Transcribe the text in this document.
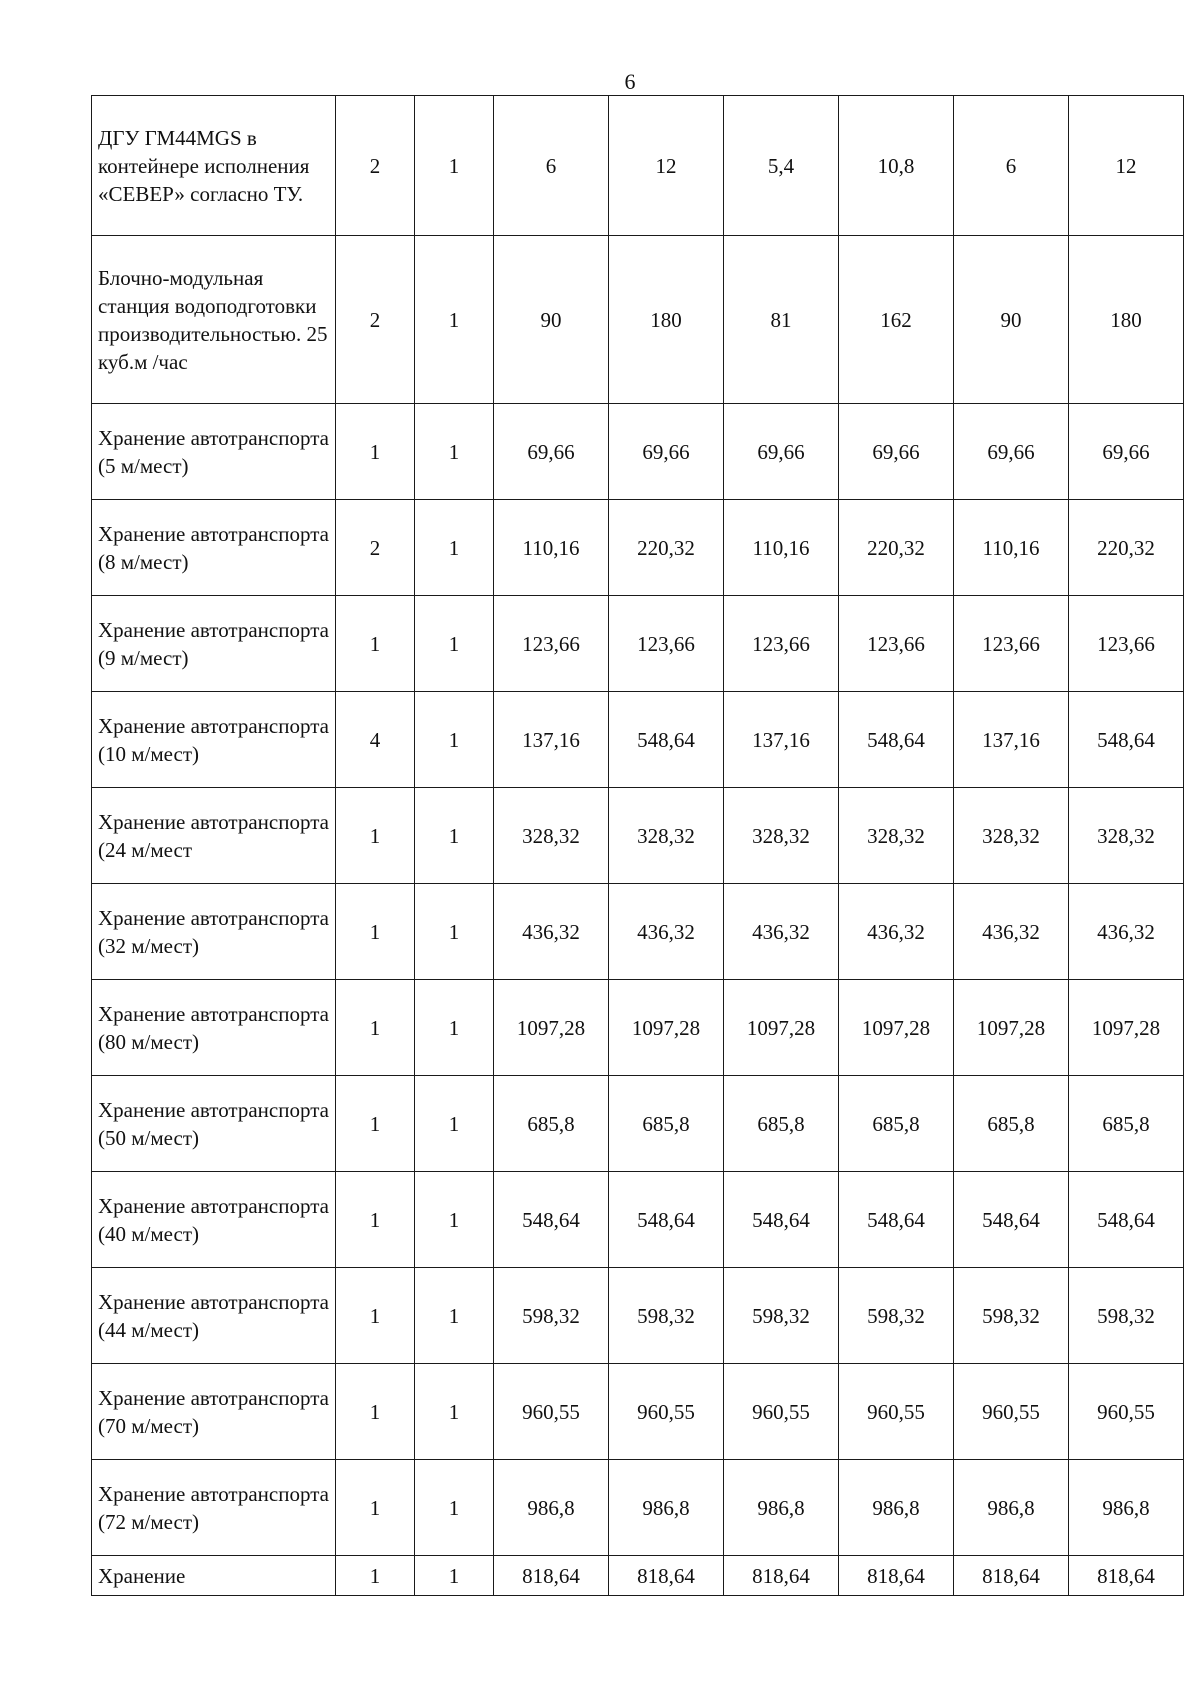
6
ДГУ ГМ44MGS в контейнере исполнения «СЕВЕР» согласно ТУ.	2	1	6	12	5,4	10,8	6	12
Блочно-модульная станция водоподготовки производительностью. 25 куб.м /час	2	1	90	180	81	162	90	180
Хранение автотранспорта (5 м/мест)	1	1	69,66	69,66	69,66	69,66	69,66	69,66
Хранение автотранспорта (8 м/мест)	2	1	110,16	220,32	110,16	220,32	110,16	220,32
Хранение автотранспорта (9 м/мест)	1	1	123,66	123,66	123,66	123,66	123,66	123,66
Хранение автотранспорта (10 м/мест)	4	1	137,16	548,64	137,16	548,64	137,16	548,64
Хранение автотранспорта (24 м/мест	1	1	328,32	328,32	328,32	328,32	328,32	328,32
Хранение автотранспорта (32 м/мест)	1	1	436,32	436,32	436,32	436,32	436,32	436,32
Хранение автотранспорта (80 м/мест)	1	1	1097,28	1097,28	1097,28	1097,28	1097,28	1097,28
Хранение автотранспорта (50 м/мест)	1	1	685,8	685,8	685,8	685,8	685,8	685,8
Хранение автотранспорта (40 м/мест)	1	1	548,64	548,64	548,64	548,64	548,64	548,64
Хранение автотранспорта (44 м/мест)	1	1	598,32	598,32	598,32	598,32	598,32	598,32
Хранение автотранспорта (70 м/мест)	1	1	960,55	960,55	960,55	960,55	960,55	960,55
Хранение автотранспорта (72 м/мест)	1	1	986,8	986,8	986,8	986,8	986,8	986,8
Хранение	1	1	818,64	818,64	818,64	818,64	818,64	818,64
